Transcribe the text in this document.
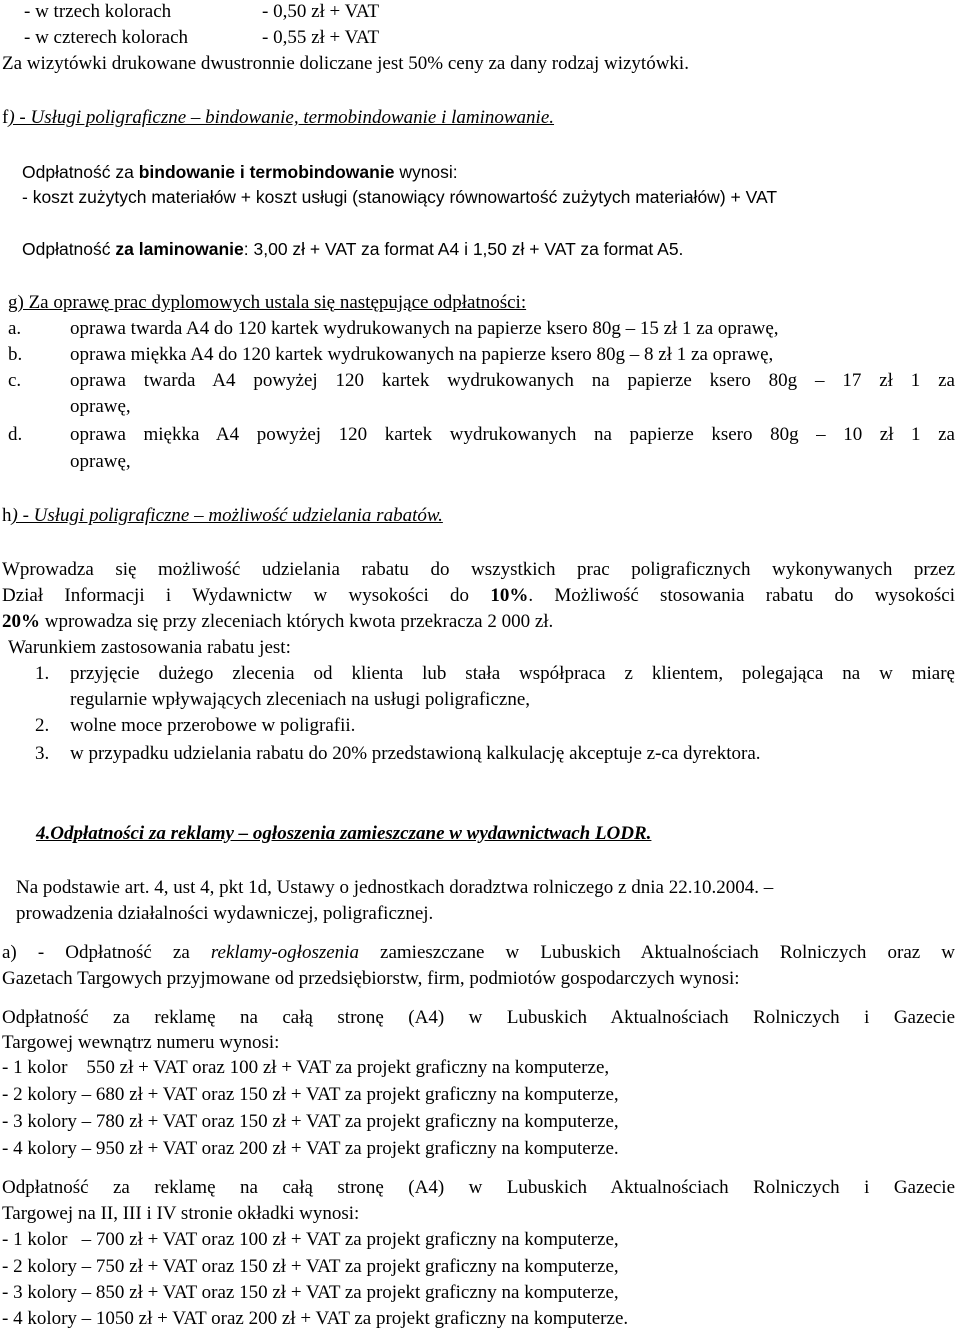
- w trzech kolorach	- 0,50 zł + VAT
- w czterech kolorach	- 0,55 zł + VAT
Za wizytówki drukowane dwustronnie doliczane jest 50% ceny za dany rodzaj wizytówki.
f) - Usługi poligraficzne – bindowanie, termobindowanie i laminowanie.
Odpłatność za bindowanie i termobindowanie wynosi:
- koszt zużytych materiałów + koszt usługi (stanowiący równowartość zużytych materiałów) + VAT
Odpłatność za laminowanie: 3,00 zł + VAT za format A4 i 1,50 zł + VAT za format A5.
g) Za oprawę prac dyplomowych ustala się następujące odpłatności:
a.	oprawa twarda A4 do 120 kartek wydrukowanych na papierze ksero 80g – 15 zł 1 za oprawę,
b.	oprawa miękka A4 do 120 kartek wydrukowanych na papierze ksero 80g – 8 zł 1 za oprawę,
c.	oprawa twarda A4 powyżej 120 kartek wydrukowanych na papierze ksero 80g – 17 zł 1 za
oprawę,
d.	oprawa miękka A4 powyżej 120 kartek wydrukowanych na papierze ksero 80g – 10 zł 1 za
oprawę,
h) - Usługi poligraficzne – możliwość udzielania rabatów.
Wprowadza się możliwość udzielania rabatu do wszystkich prac poligraficznych wykonywanych przez
Dział Informacji i Wydawnictw w wysokości do 10%. Możliwość stosowania rabatu do wysokości
20% wprowadza się przy zleceniach których kwota przekracza 2 000 zł.
Warunkiem zastosowania rabatu jest:
1. przyjęcie dużego zlecenia od klienta lub stała współpraca z klientem, polegająca na w miarę
regularnie wpływających zleceniach na usługi poligraficzne,
2. wolne moce przerobowe w poligrafii.
3. w przypadku udzielania rabatu do 20% przedstawioną kalkulację akceptuje z-ca dyrektora.
4.Odpłatności za reklamy – ogłoszenia zamieszczane w wydawnictwach LODR.
Na podstawie art. 4, ust 4, pkt 1d, Ustawy o jednostkach doradztwa rolniczego z dnia 22.10.2004. –
prowadzenia działalności wydawniczej, poligraficznej.
a) - Odpłatność za reklamy-ogłoszenia zamieszczane w Lubuskich Aktualnościach Rolniczych oraz w
Gazetach Targowych przyjmowane od przedsiębiorstw, firm, podmiotów gospodarczych wynosi:
Odpłatność za reklamę na całą stronę (A4) w Lubuskich Aktualnościach Rolniczych i Gazecie
Targowej wewnątrz numeru wynosi:
- 1 kolor    550 zł + VAT oraz 100 zł + VAT za projekt graficzny na komputerze,
- 2 kolory – 680 zł + VAT oraz 150 zł + VAT za projekt graficzny na komputerze,
- 3 kolory – 780 zł + VAT oraz 150 zł + VAT za projekt graficzny na komputerze,
- 4 kolory – 950 zł + VAT oraz 200 zł + VAT za projekt graficzny na komputerze.
Odpłatność za reklamę na całą stronę (A4) w Lubuskich Aktualnościach Rolniczych i Gazecie
Targowej na II, III i IV stronie okładki wynosi:
- 1 kolor   – 700 zł + VAT oraz 100 zł + VAT za projekt graficzny na komputerze,
- 2 kolory – 750 zł + VAT oraz 150 zł + VAT za projekt graficzny na komputerze,
- 3 kolory – 850 zł + VAT oraz 150 zł + VAT za projekt graficzny na komputerze,
- 4 kolory – 1050 zł + VAT oraz 200 zł + VAT za projekt graficzny na komputerze.
